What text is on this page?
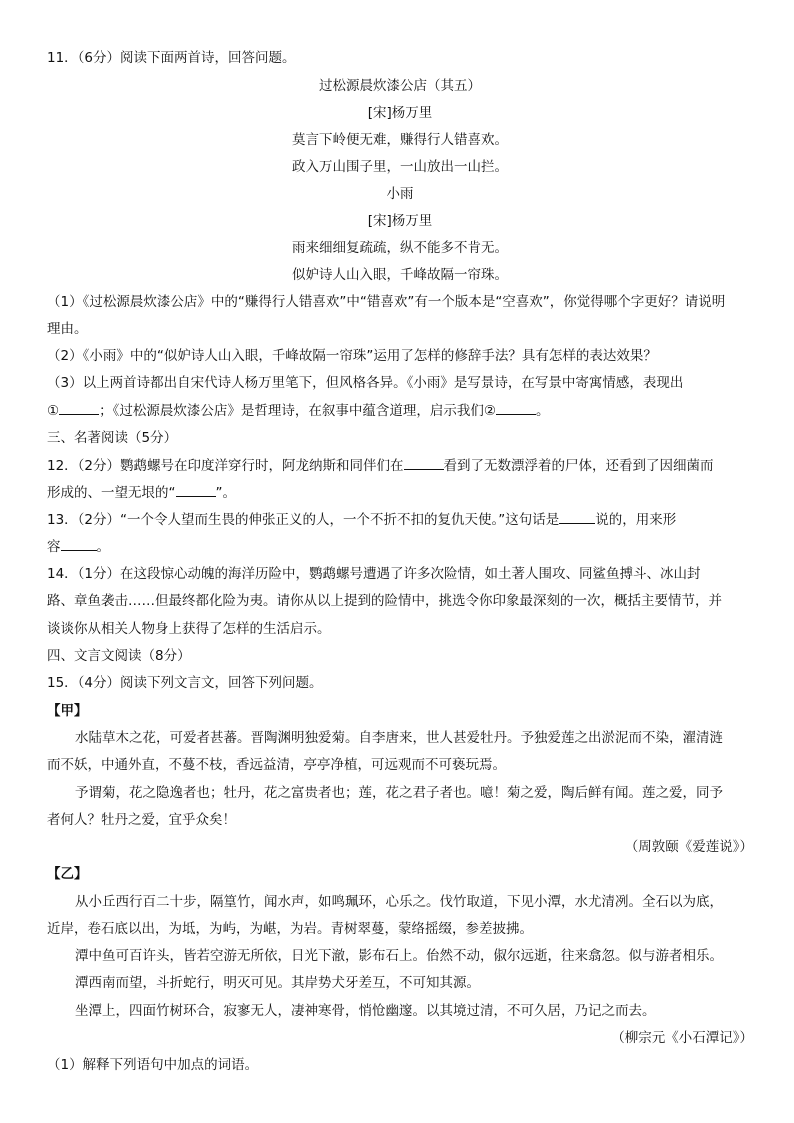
11．（6分）阅读下面两首诗，回答问题。
过松源晨炊漆公店（其五）
[宋]杨万里
莫言下岭便无难，赚得行人错喜欢。
政入万山围子里，一山放出一山拦。
小雨
[宋]杨万里
雨来细细复疏疏，纵不能多不肯无。
似妒诗人山入眼，千峰故隔一帘珠。
（1）《过松源晨炊漆公店》中的“赚得行人错喜欢”中“错喜欢”有一个版本是“空喜欢”，你觉得哪个字更好？请说明
理由。
（2）《小雨》中的“似妒诗人山入眼，千峰故隔一帘珠”运用了怎样的修辞手法？具有怎样的表达效果？
（3）以上两首诗都出自宋代诗人杨万里笔下，但风格各异。《小雨》是写景诗，在写景中寄寓情感，表现出
①	；《过松源晨炊漆公店》是哲理诗，在叙事中蕴含道理，启示我们②	。
三、名著阅读（5分）
12．（2分）鹦鹉螺号在印度洋穿行时，阿龙纳斯和同伴们在	看到了无数漂浮着的尸体，还看到了因细菌而
形成的、一望无垠的“	”。
13．（2分）“一个令人望而生畏的伸张正义的人，一个不折不扣的复仇天使。”这句话是	说的，用来形
容	。
14．（1分）在这段惊心动魄的海洋历险中，鹦鹉螺号遭遇了许多次险情，如土著人围攻、同鲨鱼搏斗、冰山封
路、章鱼袭击……但最终都化险为夷。请你从以上提到的险情中，挑选令你印象最深刻的一次，概括主要情节，并
谈谈你从相关人物身上获得了怎样的生活启示。
四、文言文阅读（8分）
15．（4分）阅读下列文言文，回答下列问题。
【甲】
水陆草木之花，可爱者甚蕃。晋陶渊明独爱菊。自李唐来，世人甚爱牡丹。予独爱莲之出淤泥而不染，濯清涟
而不妖，中通外直，不蔓不枝，香远益清，亭亭净植，可远观而不可亵玩焉。
予谓菊，花之隐逸者也；牡丹，花之富贵者也；莲，花之君子者也。噫！菊之爱，陶后鲜有闻。莲之爱，同予
者何人？牡丹之爱，宜乎众矣！
（周敦颐《爱莲说》）
【乙】
从小丘西行百二十步，隔篁竹，闻水声，如鸣珮环，心乐之。伐竹取道，下见小潭，水尤清冽。全石以为底，
近岸，卷石底以出，为坻，为屿，为嵁，为岩。青树翠蔓，蒙络摇缀，参差披拂。
潭中鱼可百许头，皆若空游无所依，日光下澈，影布石上。佁然不动，俶尔远逝，往来翕忽。似与游者相乐。
潭西南而望，斗折蛇行，明灭可见。其岸势犬牙差互，不可知其源。
坐潭上，四面竹树环合，寂寥无人，凄神寒骨，悄怆幽邃。以其境过清，不可久居，乃记之而去。
（柳宗元《小石潭记》）
（1）解释下列语句中加点的词语。
